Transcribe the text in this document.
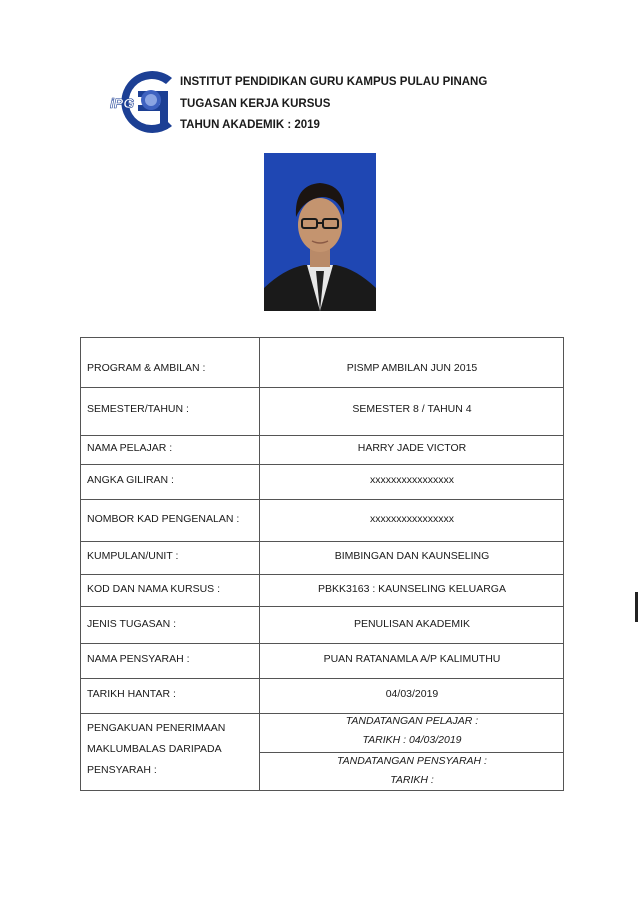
iPG
INSTITUT PENDIDIKAN GURU KAMPUS PULAU PINANG
TUGASAN KERJA KURSUS
TAHUN AKADEMIK : 2019
PROGRAM & AMBILAN :
SEMESTER/TAHUN :
NAMA PELAJAR :
ANGKA GILIRAN :
NOMBOR KAD PENGENALAN :
KUMPULAN/UNIT :
KOD DAN NAMA KURSUS :
JENIS TUGASAN :
NAMA PENSYARAH :
TARIKH HANTAR :
PISMP AMBILAN JUN 2015
SEMESTER 8 / TAHUN 4
HARRY JADE VICTOR
xxxxxxxxxxxxxxxx
xxxxxxxxxxxxxxxx
BIMBINGAN DAN KAUNSELING
PBKK3163 : KAUNSELING KELUARGA
PENULISAN AKADEMIK
PUAN RATANAMLA A/P KALIMUTHU
04/03/2019
PENGAKUAN PENERIMAAN
MAKLUMBALAS DARIPADA
PENSYARAH :
TANDATANGAN PELAJAR :
TARIKH : 04/03/2019
TANDATANGAN PENSYARAH :
TARIKH :
